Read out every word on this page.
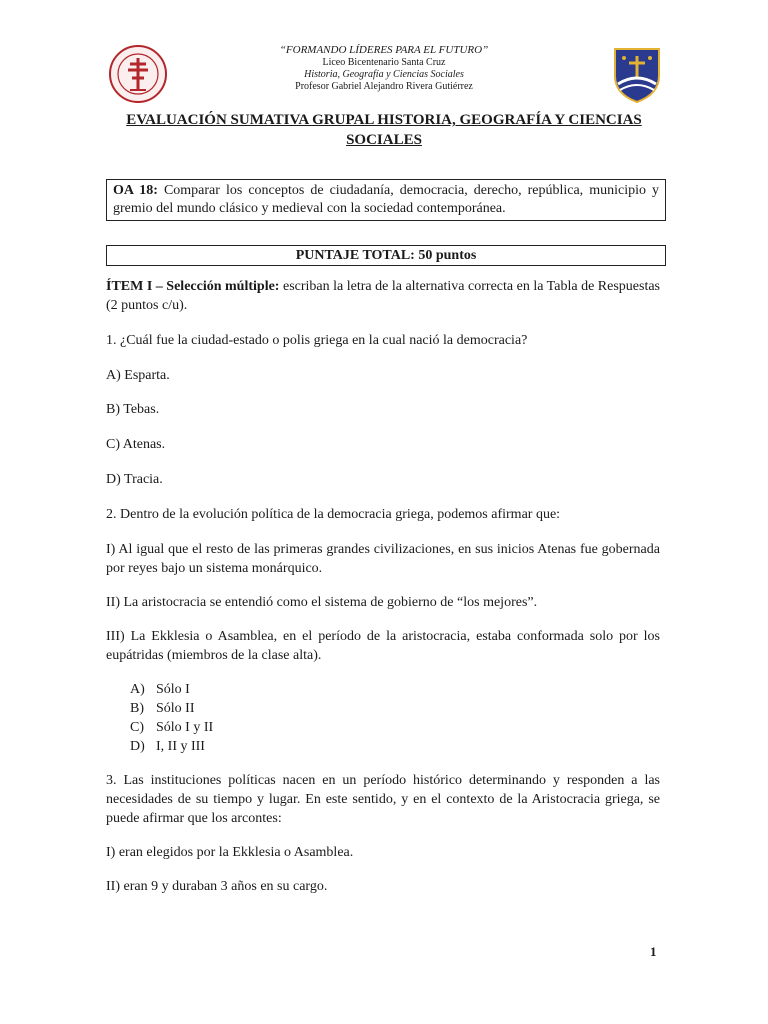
“FORMANDO LÍDERES PARA EL FUTURO”
Liceo Bicentenario Santa Cruz
Historia, Geografía y Ciencias Sociales
Profesor Gabriel Alejandro Rivera Gutiérrez
EVALUACIÓN SUMATIVA GRUPAL HISTORIA, GEOGRAFÍA Y CIENCIAS SOCIALES
OA 18: Comparar los conceptos de ciudadanía, democracia, derecho, república, municipio y gremio del mundo clásico y medieval con la sociedad contemporánea.
PUNTAJE TOTAL: 50 puntos

ÍTEM I – Selección múltiple: escriban la letra de la alternativa correcta en la Tabla de Respuestas (2 puntos c/u).

1. ¿Cuál fue la ciudad-estado o polis griega en la cual nació la democracia?

A) Esparta.

B) Tebas.

C) Atenas.

D) Tracia.

2. Dentro de la evolución política de la democracia griega, podemos afirmar que:

I) Al igual que el resto de las primeras grandes civilizaciones, en sus inicios Atenas fue gobernada por reyes bajo un sistema monárquico.

II) La aristocracia se entendió como el sistema de gobierno de “los mejores”.

III) La Ekklesia o Asamblea, en el período de la aristocracia, estaba conformada solo por los eupátridas (miembros de la clase alta).

A) Sólo I
B) Sólo II
C) Sólo I y II
D) I, II y III

3. Las instituciones políticas nacen en un período histórico determinando y responden a las necesidades de su tiempo y lugar. En este sentido, y en el contexto de la Aristocracia griega, se puede afirmar que los arcontes:

I) eran elegidos por la Ekklesia o Asamblea.

II) eran 9 y duraban 3 años en su cargo.

1
